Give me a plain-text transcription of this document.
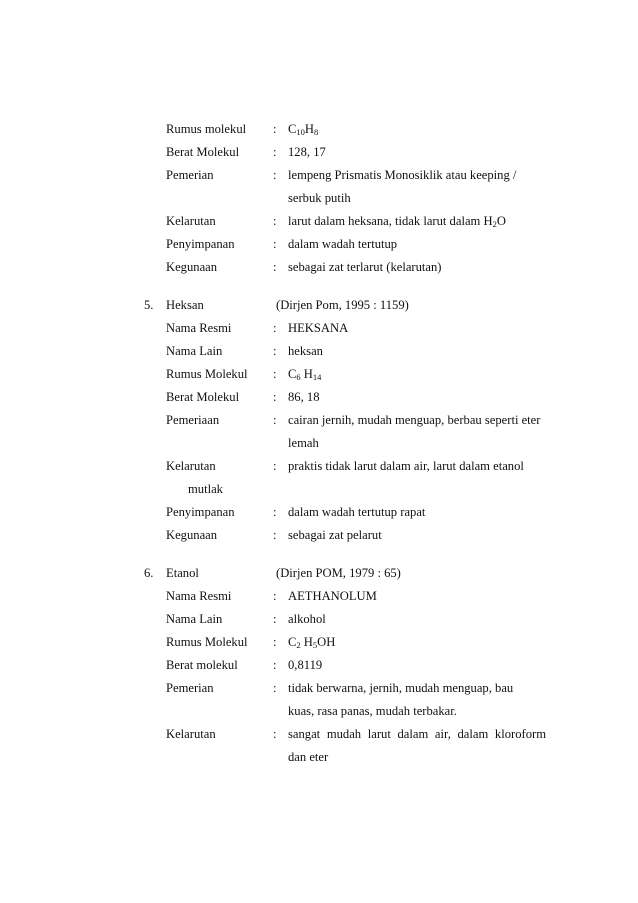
Rumus molekul : $C_{10}H_8$
Berat Molekul	: 128, 17
Pemerian	: lempeng Prismatis Monosiklik atau keeping /
serbuk putih
Kelarutan	: larut dalam heksana, tidak larut dalam $H_2O$
Penyimpanan	: dalam wadah tertutup
Kegunaan	: sebagai zat terlarut (kelarutan)
5. Heksan	(Dirjen Pom, 1995 : 1159)
Nama Resmi	: HEKSANA
Nama Lain	: heksan
Rumus Molekul : $C_6$ $H_{14}$
Berat Molekul	: 86, 18
Pemeriaan	: cairan jernih, mudah menguap, berbau seperti eter
lemah
Kelarutan	: praktis tidak larut dalam air, larut dalam etanol
mutlak
Penyimpanan	: dalam wadah tertutup rapat
Kegunaan	: sebagai zat pelarut
6. Etanol	(Dirjen POM, 1979 : 65)
Nama Resmi	: AETHANOLUM
Nama Lain	: alkohol
Rumus Molekul : $C_2$ $H_5OH$
Berat molekul	: 0,8119
Pemerian	: tidak berwarna, jernih, mudah menguap, bau
kuas, rasa panas, mudah terbakar.
Kelarutan	: sangat mudah larut dalam air, dalam kloroform
dan eter
